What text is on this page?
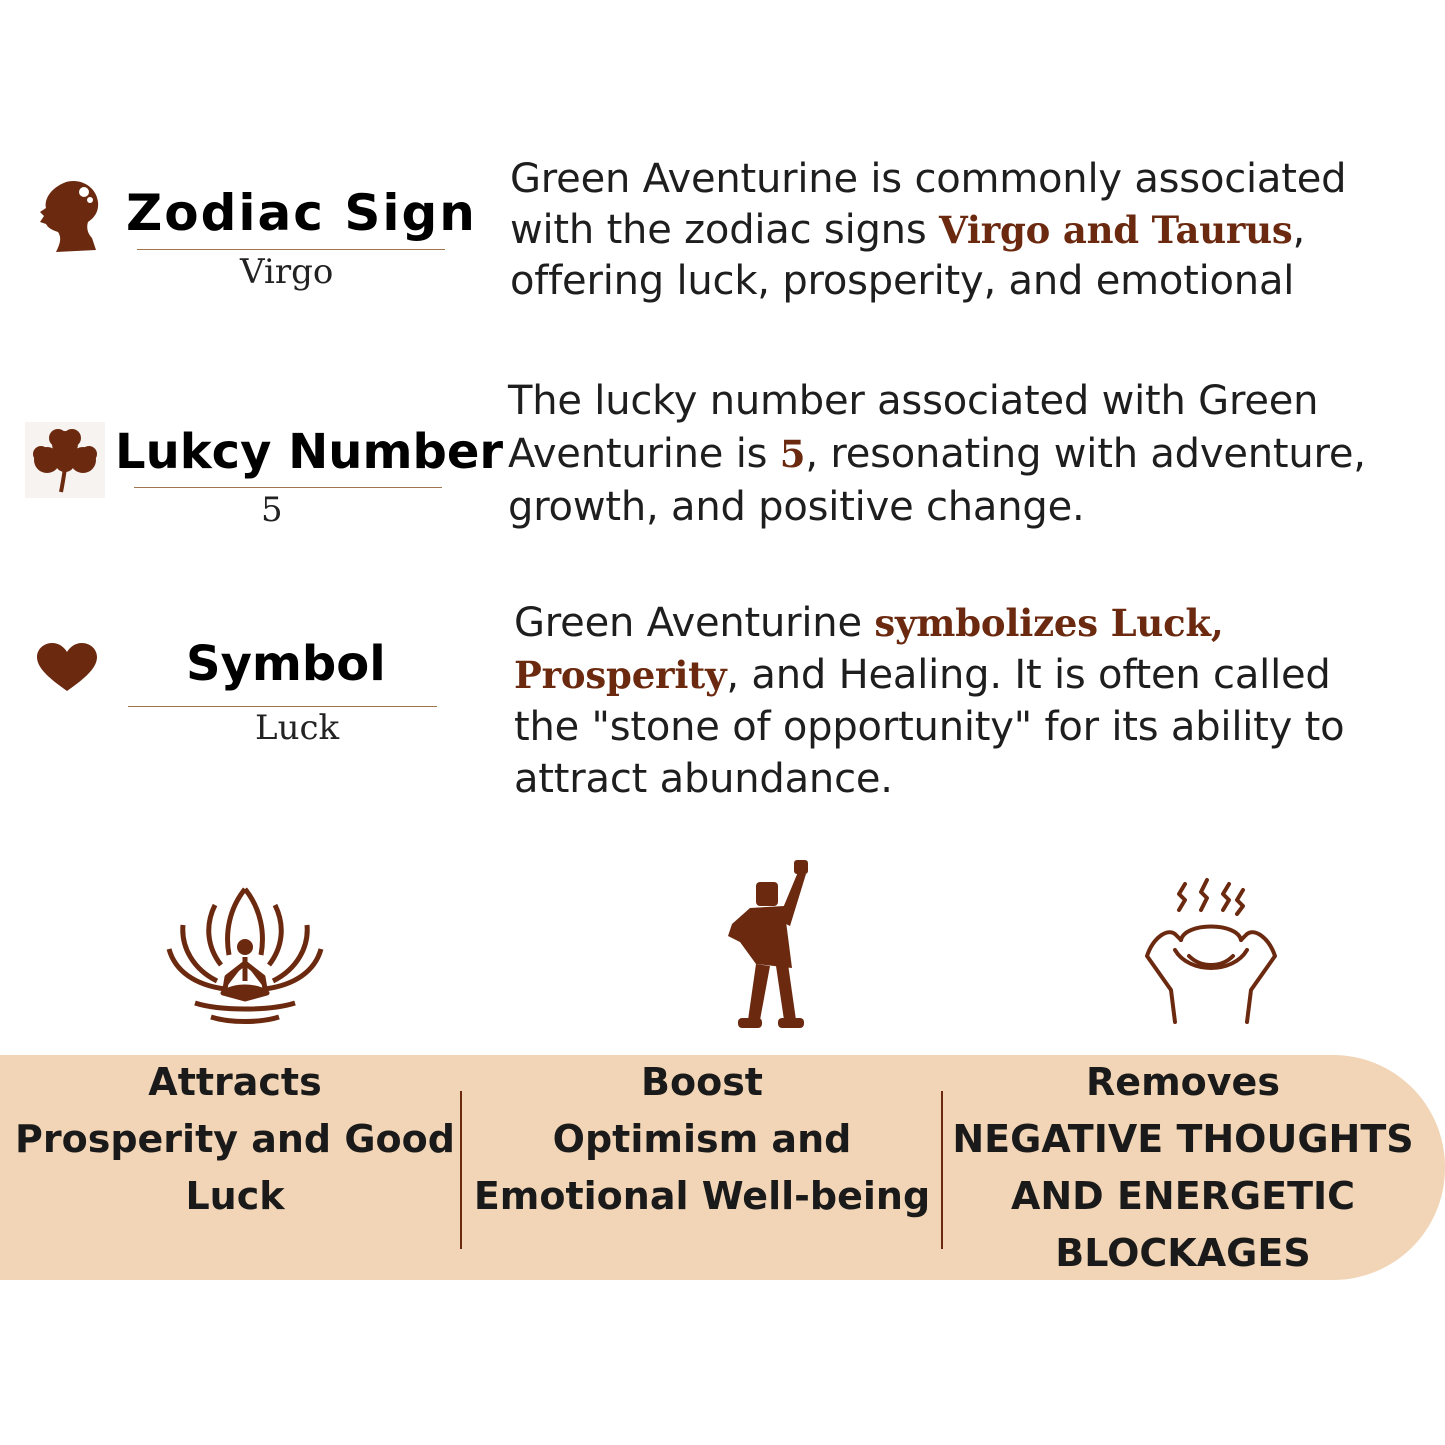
Zodiac Sign
Virgo
Green Aventurine is commonly associated with the zodiac signs Virgo and Taurus, offering luck, prosperity, and emotional
Lukcy Number
5
The lucky number associated with Green Aventurine is 5, resonating with adventure, growth, and positive change.
Symbol
Luck
Green Aventurine symbolizes Luck, Prosperity, and Healing. It is often called the "stone of opportunity" for its ability to attract abundance.
Attracts
Prosperity and Good
Luck
Boost
Optimism and
Emotional Well-being
Removes
NEGATIVE THOUGHTS
AND ENERGETIC
BLOCKAGES
